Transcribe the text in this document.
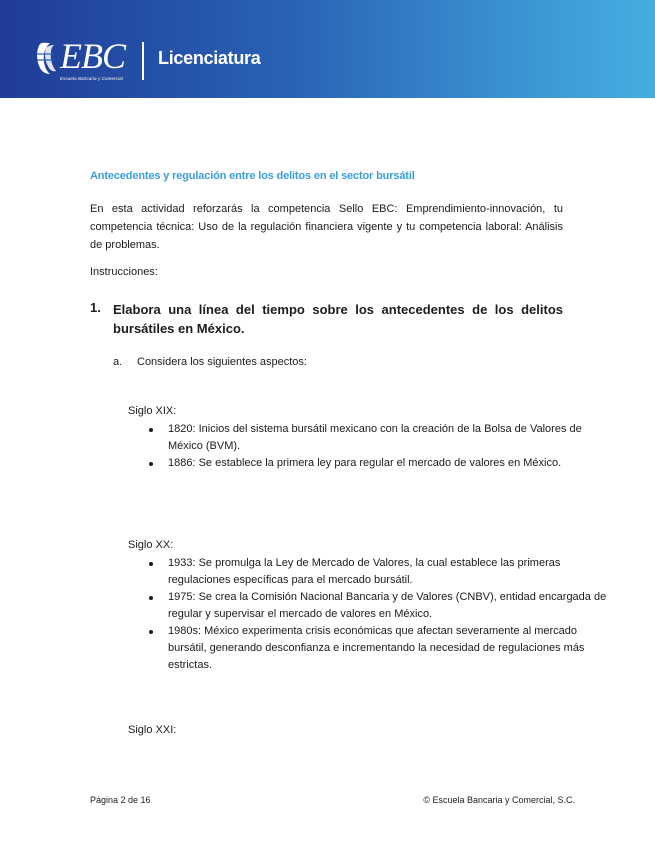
EBC
Escuela Bancaria y Comercial
Licenciatura
Antecedentes y regulación entre los delitos en el sector bursátil

En esta actividad reforzarás la competencia Sello EBC: Emprendimiento-innovación, tu competencia técnica: Uso de la regulación financiera vigente y tu competencia laboral: Análisis de problemas.

Instrucciones:
1. Elabora una línea del tiempo sobre los antecedentes de los delitos bursátiles en México.
a. Considera los siguientes aspectos:
Siglo XIX:
1820: Inicios del sistema bursátil mexicano con la creación de la Bolsa de Valores de México (BVM).
1886: Se establece la primera ley para regular el mercado de valores en México.
Siglo XX:
1933: Se promulga la Ley de Mercado de Valores, la cual establece las primeras regulaciones específicas para el mercado bursátil.
1975: Se crea la Comisión Nacional Bancaria y de Valores (CNBV), entidad encargada de regular y supervisar el mercado de valores en México.
1980s: México experimenta crisis económicas que afectan severamente al mercado bursátil, generando desconfianza e incrementando la necesidad de regulaciones más estrictas.
Siglo XXI:
Página 2 de 16	© Escuela Bancaria y Comercial, S.C.
